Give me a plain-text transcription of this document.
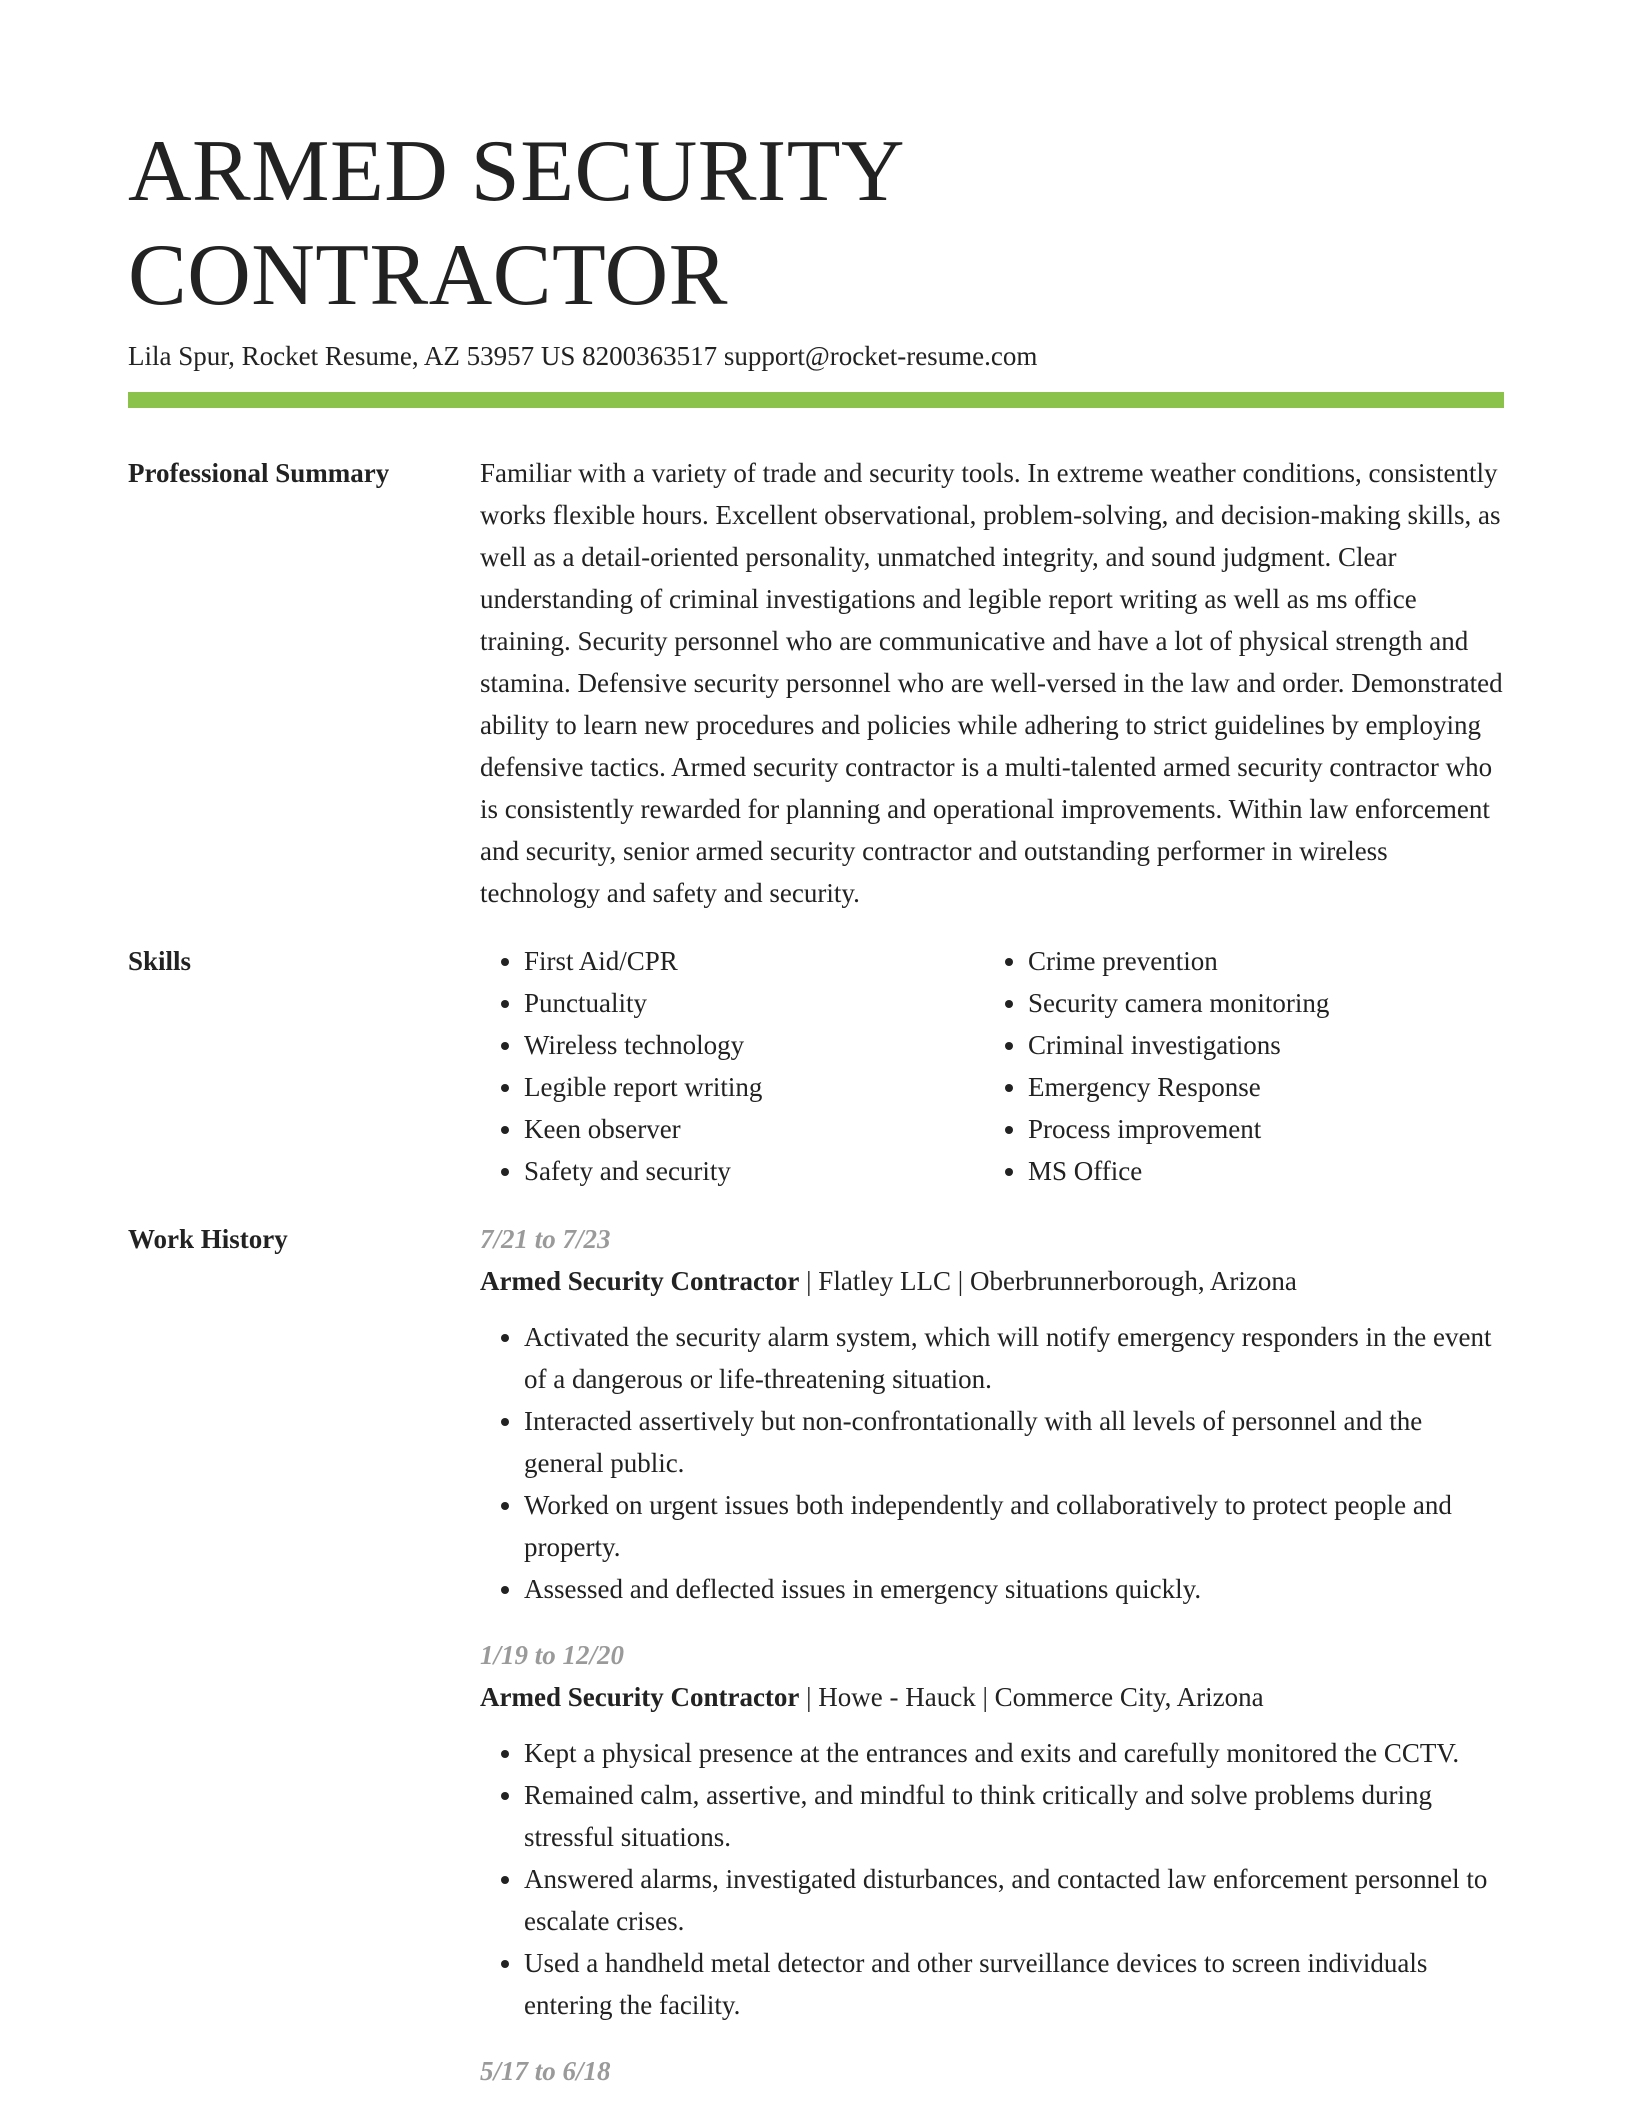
ARMED SECURITY CONTRACTOR
Lila Spur, Rocket Resume, AZ 53957 US 8200363517 support@rocket-resume.com
Professional Summary	Familiar with a variety of trade and security tools. In extreme weather conditions, consistently works flexible hours. Excellent observational, problem-solving, and decision-making skills, as well as a detail-oriented personality, unmatched integrity, and sound judgment. Clear understanding of criminal investigations and legible report writing as well as ms office training. Security personnel who are communicative and have a lot of physical strength and stamina. Defensive security personnel who are well-versed in the law and order. Demonstrated ability to learn new procedures and policies while adhering to strict guidelines by employing defensive tactics. Armed security contractor is a multi-talented armed security contractor who is consistently rewarded for planning and operational improvements. Within law enforcement and security, senior armed security contractor and outstanding performer in wireless technology and safety and security.

Skills
•	First Aid/CPR
• Punctuality
• Wireless technology
• Legible report writing
• Keen observer
• Safety and security
• Crime prevention
• Security camera monitoring
• Criminal investigations
• Emergency Response
• Process improvement
• MS Office
Work History	7/21 to 7/23
Armed Security Contractor | Flatley LLC | Oberbrunnerborough, Arizona
• Activated the security alarm system, which will notify emergency responders in the event of a dangerous or life-threatening situation.
• Interacted assertively but non-confrontationally with all levels of personnel and the general public.
• Worked on urgent issues both independently and collaboratively to protect people and property.
• Assessed and deflected issues in emergency situations quickly.
1/19 to 12/20
Armed Security Contractor | Howe - Hauck | Commerce City, Arizona
• Kept a physical presence at the entrances and exits and carefully monitored the CCTV.
• Remained calm, assertive, and mindful to think critically and solve problems during stressful situations.
• Answered alarms, investigated disturbances, and contacted law enforcement personnel to escalate crises.
• Used a handheld metal detector and other surveillance devices to screen individuals entering the facility.
5/17 to 6/18
